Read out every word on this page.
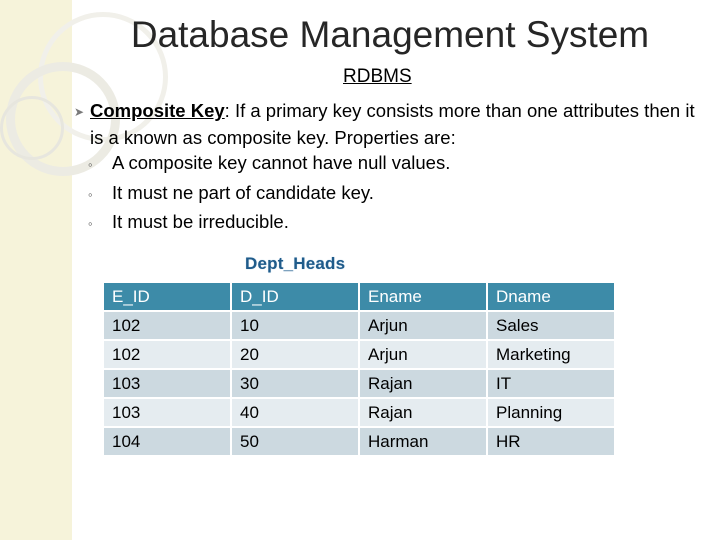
Database Management System
RDBMS
➤ Composite Key: If a primary key consists more than one attributes then it is a known as composite key. Properties are:
◦ A composite key cannot have null values.
◦ It must ne part of candidate key.
◦ It must be irreducible.
Dept_Heads
E_ID	D_ID	Ename	Dname
102	10	Arjun	Sales
102	20	Arjun	Marketing
103	30	Rajan	IT
103	40	Rajan	Planning
104	50	Harman	HR
